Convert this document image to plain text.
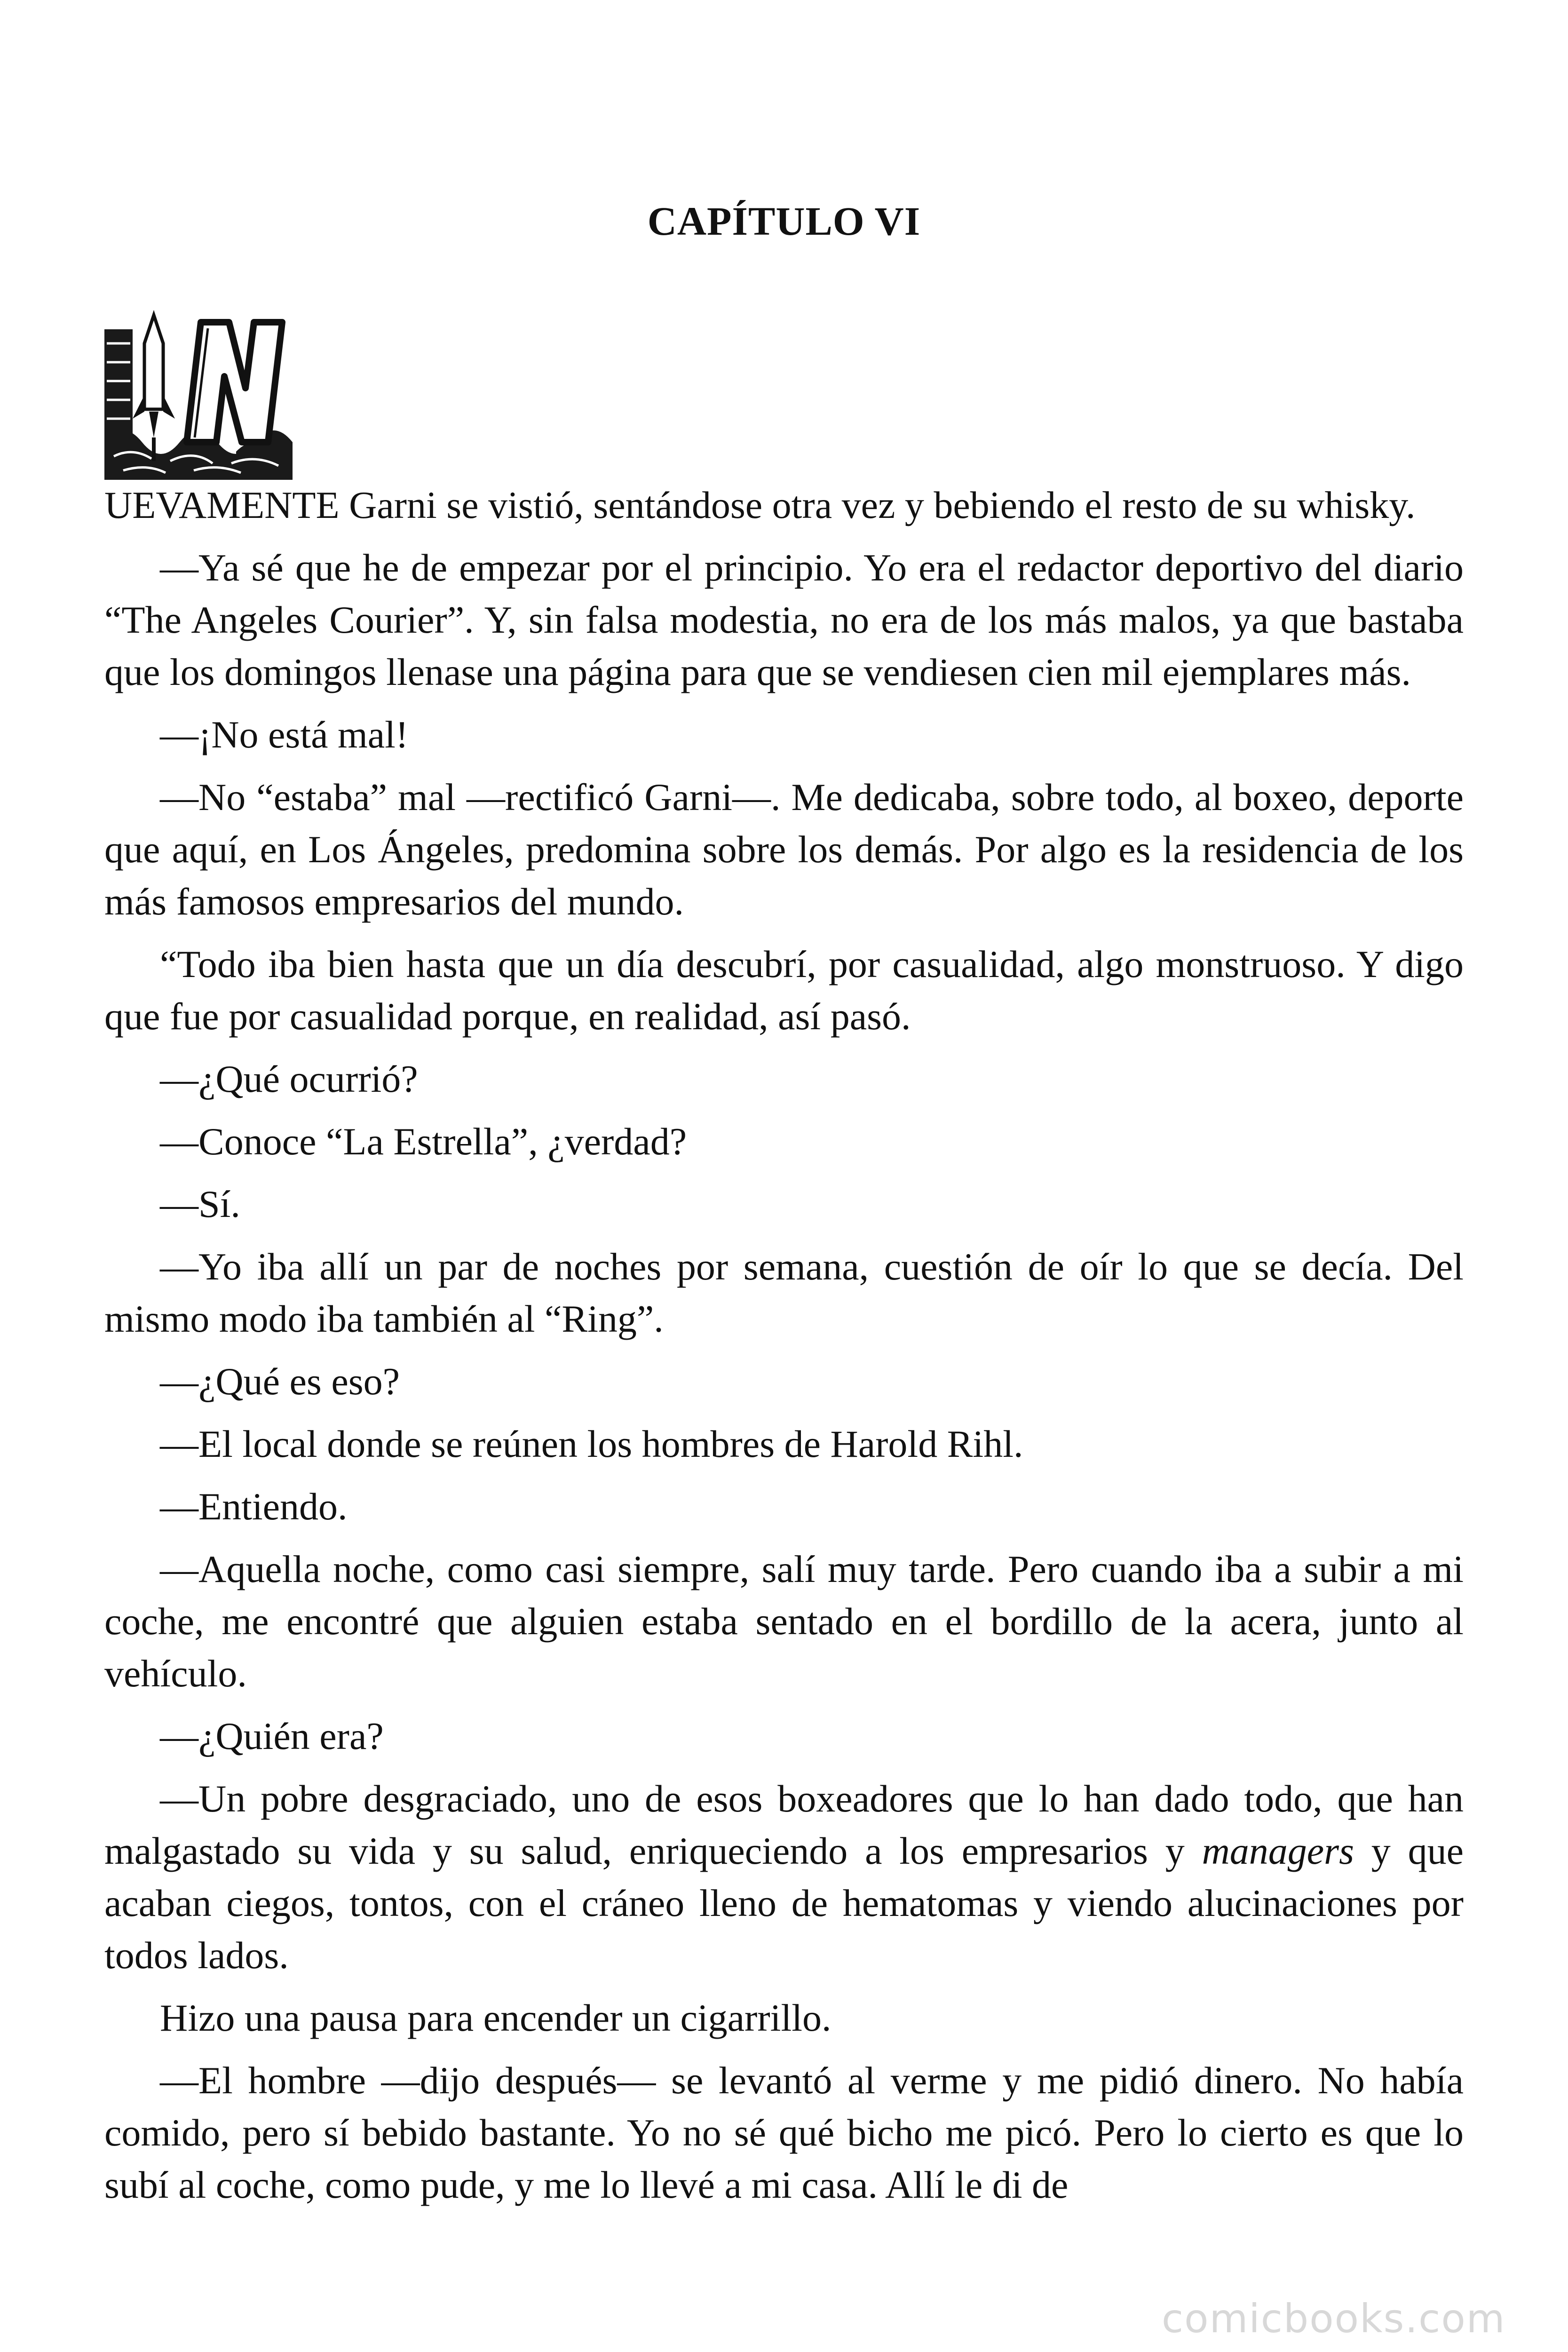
CAPÍTULO VI

UEVAMENTE Garni se vistió, sentándose otra vez y bebiendo el resto de su whisky.

—Ya sé que he de empezar por el principio. Yo era el redactor deportivo del diario “The Angeles Courier”. Y, sin falsa modestia, no era de los más malos, ya que bastaba que los domingos llenase una página para que se vendiesen cien mil ejemplares más.

—¡No está mal!

—No “estaba” mal —rectificó Garni—. Me dedicaba, sobre todo, al boxeo, deporte que aquí, en Los Ángeles, predomina sobre los demás. Por algo es la residencia de los más famosos empresarios del mundo.

“Todo iba bien hasta que un día descubrí, por casualidad, algo monstruoso. Y digo que fue por casualidad porque, en realidad, así pasó.

—¿Qué ocurrió?

—Conoce “La Estrella”, ¿verdad?

—Sí.

—Yo iba allí un par de noches por semana, cuestión de oír lo que se decía. Del mismo modo iba también al “Ring”.

—¿Qué es eso?

—El local donde se reúnen los hombres de Harold Rihl.

—Entiendo.

—Aquella noche, como casi siempre, salí muy tarde. Pero cuando iba a subir a mi coche, me encontré que alguien estaba sentado en el bordillo de la acera, junto al vehículo.

—¿Quién era?

—Un pobre desgraciado, uno de esos boxeadores que lo han dado todo, que han malgastado su vida y su salud, enriqueciendo a los empresarios y managers y que acaban ciegos, tontos, con el cráneo lleno de hematomas y viendo alucinaciones por todos lados.

Hizo una pausa para encender un cigarrillo.

—El hombre —dijo después— se levantó al verme y me pidió dinero. No había comido, pero sí bebido bastante. Yo no sé qué bicho me picó. Pero lo cierto es que lo subí al coche, como pude, y me lo llevé a mi casa. Allí le di de

comicbooks.com
